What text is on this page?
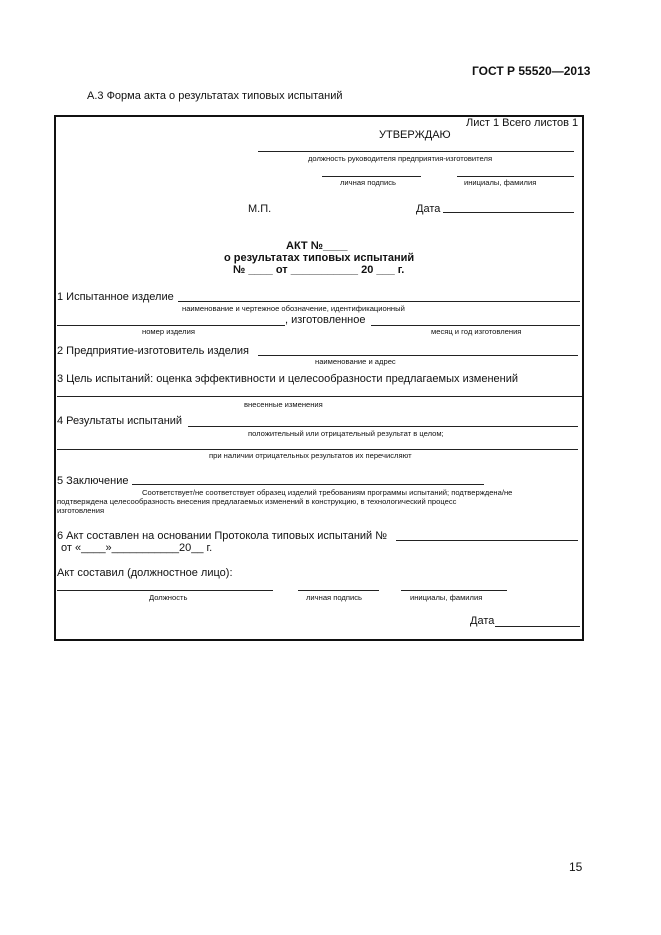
ГОСТ Р 55520—2013
А.3 Форма акта о результатах типовых испытаний
Лист 1 Всего листов 1
УТВЕРЖДАЮ
должность руководителя предприятия-изготовителя
личная подпись	инициалы, фамилия
М.П.	Дата
АКТ №____
о результатах типовых испытаний
№ ____ от ___________ 20 ___ г.
1 Испытанное изделие
наименование и чертежное обозначение, идентификационный
, изготовленное
номер изделия	месяц и год изготовления
2 Предприятие-изготовитель изделия
наименование и адрес
3 Цель испытаний: оценка эффективности и целесообразности предлагаемых изменений
внесенные изменения
4 Результаты испытаний
положительный или отрицательный результат в целом;
при наличии отрицательных результатов их перечисляют
5 Заключение
Соответствует/не соответствует образец изделий требованиям программы испытаний; подтверждена/не
подтверждена целесообразность внесения предлагаемых изменений в конструкцию, в технологический процесс
изготовления
6 Акт составлен на основании Протокола типовых испытаний №
от «____»___________20__ г.
Акт составил (должностное лицо):
Должность	личная подпись	инициалы, фамилия
Дата
15
